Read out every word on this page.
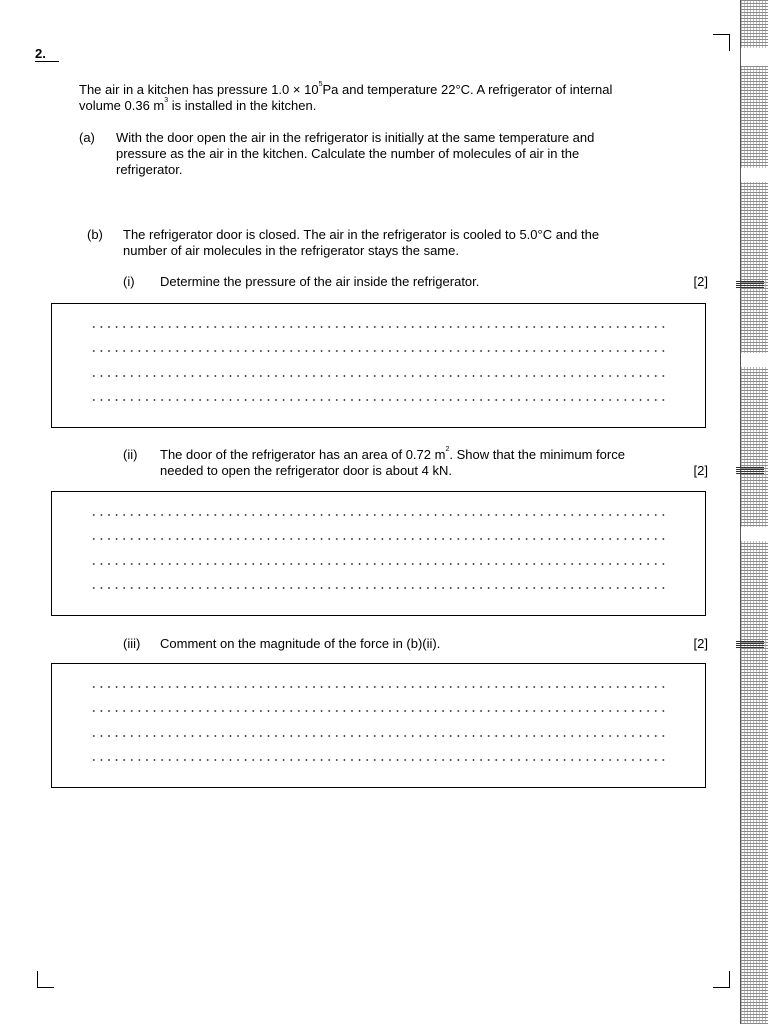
2.
The air in a kitchen has pressure $1.0 \times 10^5Pa$ and temperature 22°C. A refrigerator of internal
volume 0.36 $m^3$ is installed in the kitchen.
(a) With the door open the air in the refrigerator is initially at the same temperature and
pressure as the air in the kitchen. Calculate the number of molecules of air in the
refrigerator.
(b) The refrigerator door is closed. The air in the refrigerator is cooled to 5.0°C and the
number of air molecules in the refrigerator stays the same.
(i) Determine the pressure of the air inside the refrigerator.	[2]
(ii) The door of the refrigerator has an area of 0.72 $m^2$. Show that the minimum force
needed to open the refrigerator door is about 4 kN.	[2]
(iii) Comment on the magnitude of the force in (b)(ii).	[2]
